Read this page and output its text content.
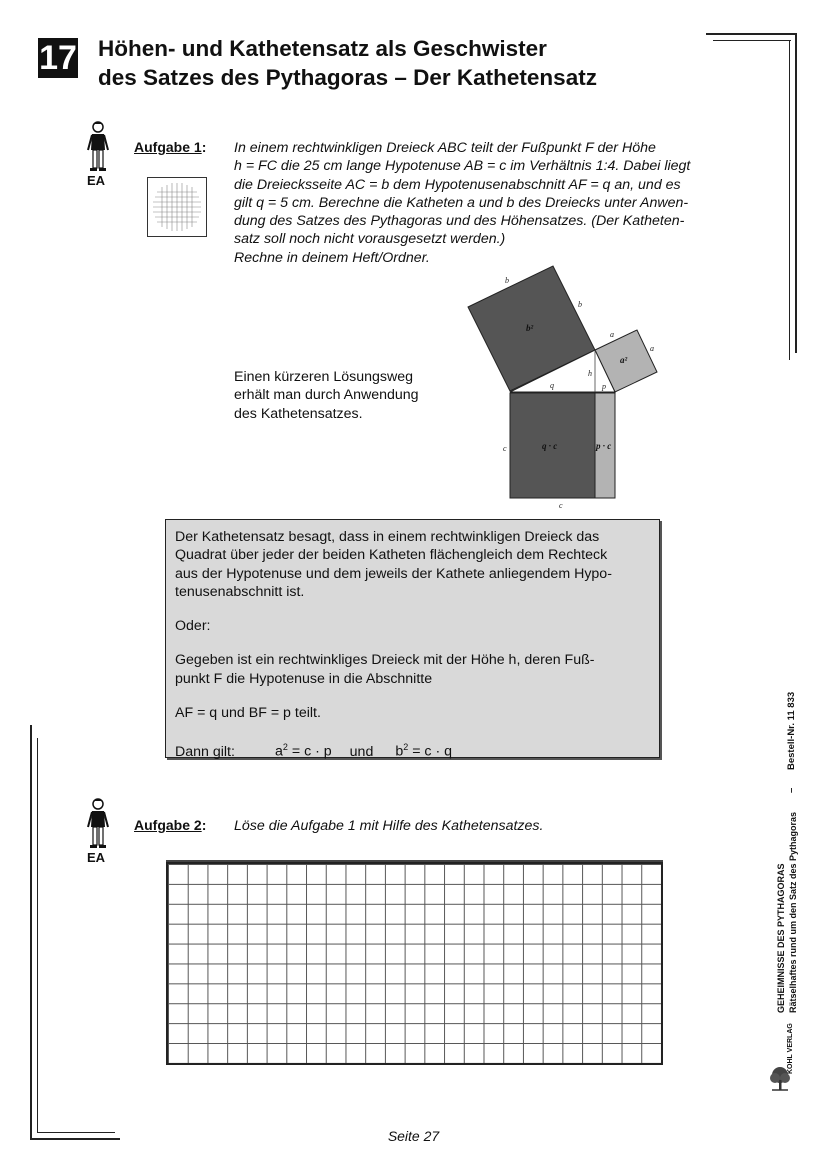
17 Höhen- und Kathetensatz als Geschwister
des Satzes des Pythagoras – Der Kathetensatz
EA
Aufgabe 1: In einem rechtwinkligen Dreieck ABC teilt der Fußpunkt F der Höhe
h = FC die 25 cm lange Hypotenuse AB = c im Verhältnis 1:4. Dabei liegt
die Dreiecksseite AC = b dem Hypotenusenabschnitt AF = q an, und es
gilt q = 5 cm. Berechne die Katheten a und b des Dreiecks unter Anwen-
dung des Satzes des Pythagoras und des Höhensatzes. (Der Katheten-
satz soll noch nicht vorausgesetzt werden.)
Rechne in deinem Heft/Ordner.
Einen kürzeren Lösungsweg
erhält man durch Anwendung
des Kathetensatzes.
b
b
a
a
q
h
p
c
c
b²
a²
q · c	p · c

Der Kathetensatz besagt, dass in einem rechtwinkligen Dreieck das

Quadrat über jeder der beiden Katheten flächengleich dem Rechteck

aus der Hypotenuse und dem jeweils der Kathete anliegendem Hypo-

tenusenabschnitt ist.

Oder:

Gegeben ist ein rechtwinkliges Dreieck mit der Höhe h, deren Fuß-

punkt F die Hypotenuse in die Abschnitte

AF = q und BF = p teilt.

Dann gilt:	$a^2 = c \cdot p$ und $b^2 = c \cdot q$

EA
Aufgabe 2: Löse die Aufgabe 1 mit Hilfe des Kathetensatzes.
Bestell-Nr. 11 833
–
GEHEIMNISSE DES PYTHAGORAS Rätselhaftes rund um den Satz des Pythagoras
KOHL VERLAG
Seite 27
